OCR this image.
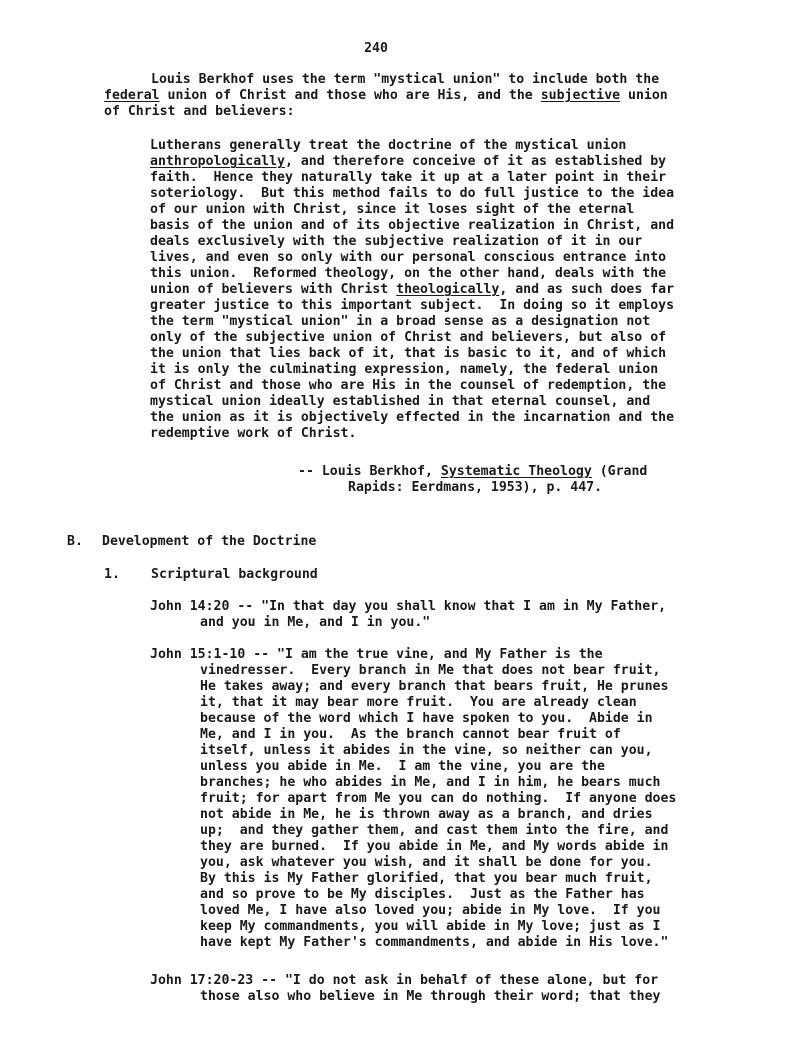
240
Louis Berkhof uses the term "mystical union" to include both the
federal union of Christ and those who are His, and the subjective union
of Christ and believers:
Lutherans generally treat the doctrine of the mystical union
anthropologically, and therefore conceive of it as established by
faith.  Hence they naturally take it up at a later point in their
soteriology.  But this method fails to do full justice to the idea
of our union with Christ, since it loses sight of the eternal
basis of the union and of its objective realization in Christ, and
deals exclusively with the subjective realization of it in our
lives, and even so only with our personal conscious entrance into
this union.  Reformed theology, on the other hand, deals with the
union of believers with Christ theologically, and as such does far
greater justice to this important subject.  In doing so it employs
the term "mystical union" in a broad sense as a designation not
only of the subjective union of Christ and believers, but also of
the union that lies back of it, that is basic to it, and of which
it is only the culminating expression, namely, the federal union
of Christ and those who are His in the counsel of redemption, the
mystical union ideally established in that eternal counsel, and
the union as it is objectively effected in the incarnation and the
redemptive work of Christ.
-- Louis Berkhof, Systematic Theology (Grand
Rapids: Eerdmans, 1953), p. 447.
B. Development of the Doctrine
1. Scriptural background
John 14:20 -- "In that day you shall know that I am in My Father,
and you in Me, and I in you."
John 15:1-10 -- "I am the true vine, and My Father is the
vinedresser.  Every branch in Me that does not bear fruit,
He takes away; and every branch that bears fruit, He prunes
it, that it may bear more fruit.  You are already clean
because of the word which I have spoken to you.  Abide in
Me, and I in you.  As the branch cannot bear fruit of
itself, unless it abides in the vine, so neither can you,
unless you abide in Me.  I am the vine, you are the
branches; he who abides in Me, and I in him, he bears much
fruit; for apart from Me you can do nothing.  If anyone does
not abide in Me, he is thrown away as a branch, and dries
up;  and they gather them, and cast them into the fire, and
they are burned.  If you abide in Me, and My words abide in
you, ask whatever you wish, and it shall be done for you.
By this is My Father glorified, that you bear much fruit,
and so prove to be My disciples.  Just as the Father has
loved Me, I have also loved you; abide in My love.  If you
keep My commandments, you will abide in My love; just as I
have kept My Father's commandments, and abide in His love."
John 17:20-23 -- "I do not ask in behalf of these alone, but for
those also who believe in Me through their word; that they
